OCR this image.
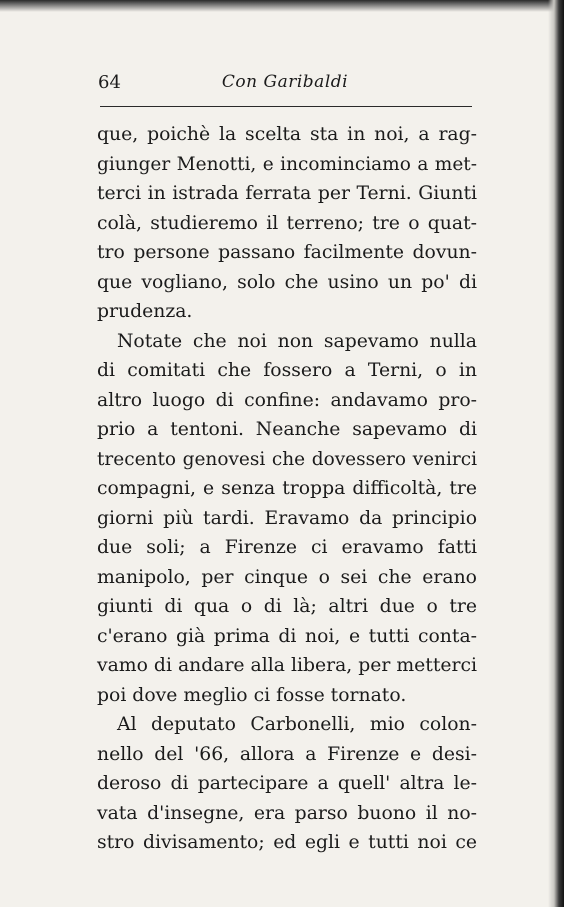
Con Garibaldi
64
que, poichè la scelta sta in noi, a rag-
giunger Menotti, e incominciamo a met-
terci in istrada ferrata per Terni. Giunti
colà, studieremo il terreno; tre o quat-
tro persone passano facilmente dovun-
que vogliano, solo che usino un po' di
prudenza.
Notate che noi non sapevamo nulla
di comitati che fossero a Terni, o in
altro luogo di confine: andavamo pro-
prio a tentoni. Neanche sapevamo di
trecento genovesi che dovessero venirci
compagni, e senza troppa difficoltà, tre
giorni più tardi. Eravamo da principio
due soli; a Firenze ci eravamo fatti
manipolo, per cinque o sei che erano
giunti di qua o di là; altri due o tre
c'erano già prima di noi, e tutti conta-
vamo di andare alla libera, per metterci
poi dove meglio ci fosse tornato.
Al deputato Carbonelli, mio colon-
nello del '66, allora a Firenze e desi-
deroso di partecipare a quell' altra le-
vata d'insegne, era parso buono il no-
stro divisamento; ed egli e tutti noi ce
